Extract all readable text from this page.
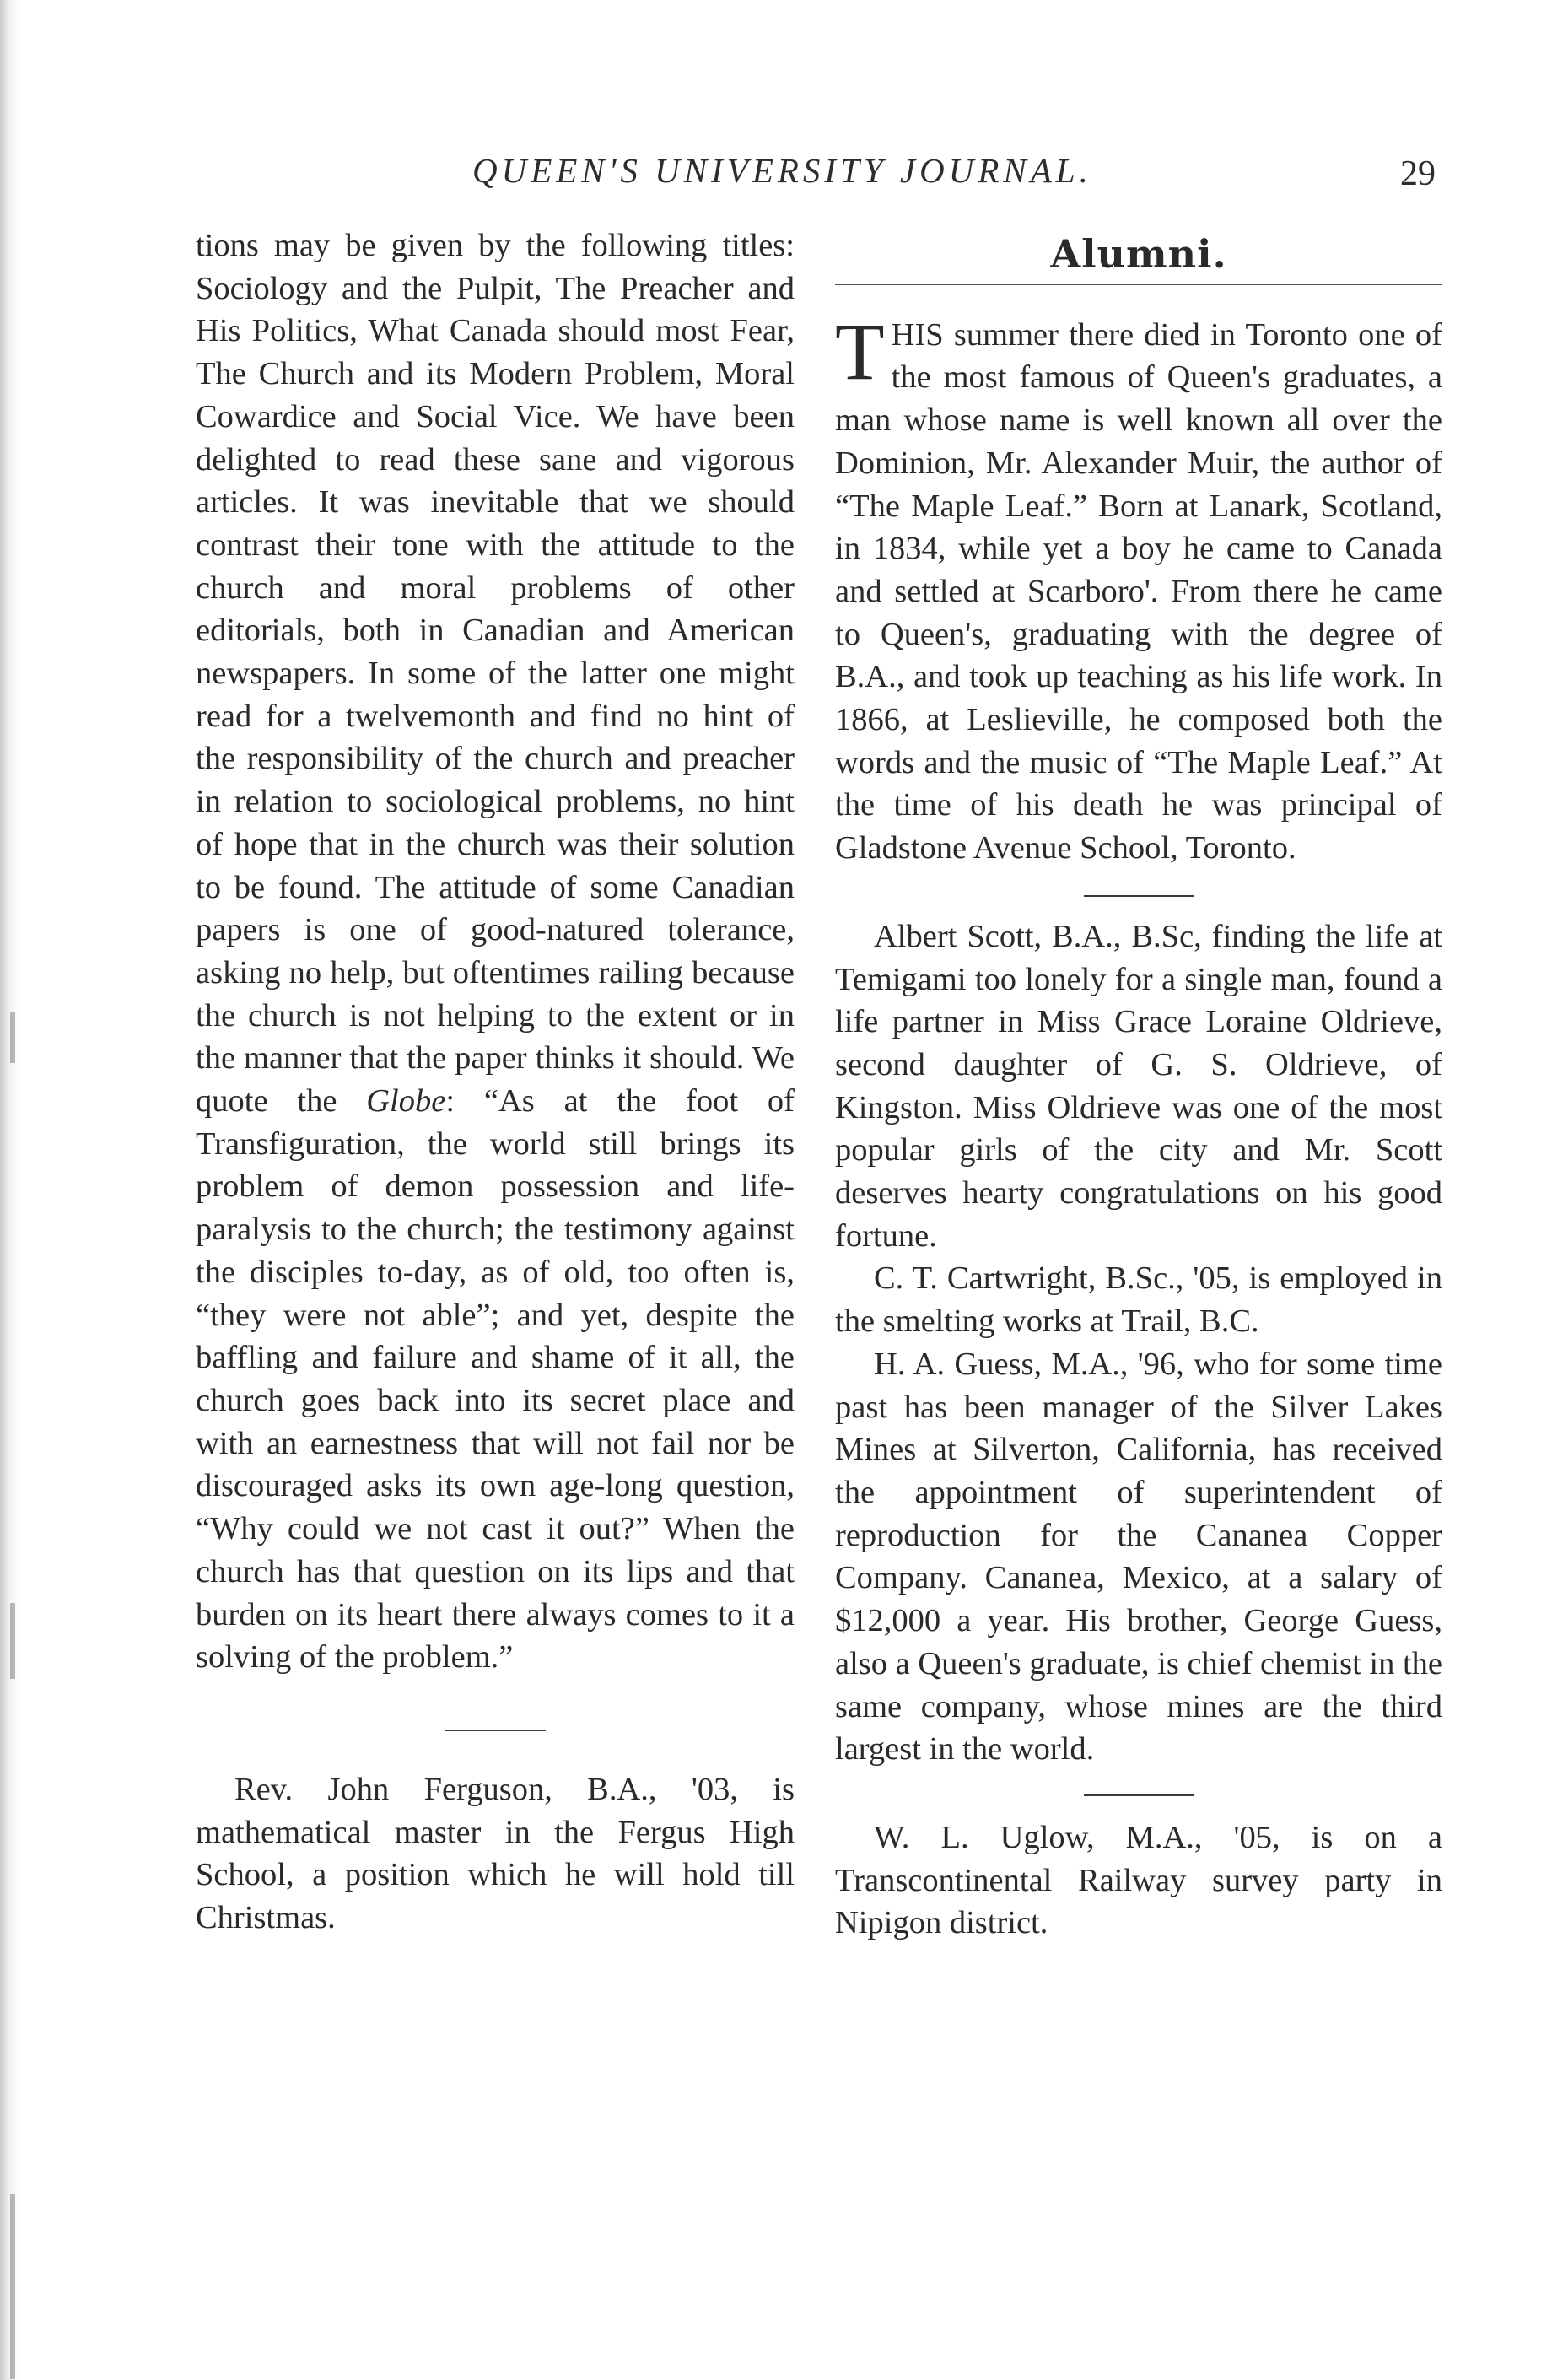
QUEEN'S UNIVERSITY JOURNAL.	29

tions may be given by the following titles: Sociology and the Pulpit, The Preacher and His Politics, What Canada should most Fear, The Church and its Modern Problem, Moral Cowardice and Social Vice. We have been delighted to read these sane and vigorous articles. It was inevitable that we should contrast their tone with the attitude to the church and moral problems of other editorials, both in Canadian and American newspapers. In some of the latter one might read for a twelvemonth and find no hint of the responsibility of the church and preacher in relation to sociological problems, no hint of hope that in the church was their solution to be found. The attitude of some Canadian papers is one of good-natured tolerance, asking no help, but oftentimes railing because the church is not helping to the extent or in the manner that the paper thinks it should. We quote the Globe: “As at the foot of Transfiguration, the world still brings its problem of demon possession and life-paralysis to the church; the testimony against the disciples to-day, as of old, too often is, “they were not able”; and yet, despite the baffling and failure and shame of it all, the church goes back into its secret place and with an earnestness that will not fail nor be discouraged asks its own age-long question, “Why could we not cast it out?” When the church has that question on its lips and that burden on its heart there always comes to it a solving of the problem.”

Rev. John Ferguson, B.A., '03, is mathematical master in the Fergus High School, a position which he will hold till Christmas.

Alumni.

THIS summer there died in Toronto one of the most famous of Queen's graduates, a man whose name is well known all over the Dominion, Mr. Alexander Muir, the author of “The Maple Leaf.” Born at Lanark, Scotland, in 1834, while yet a boy he came to Canada and settled at Scarboro'. From there he came to Queen's, graduating with the degree of B.A., and took up teaching as his life work. In 1866, at Leslieville, he composed both the words and the music of “The Maple Leaf.” At the time of his death he was principal of Gladstone Avenue School, Toronto.

Albert Scott, B.A., B.Sc, finding the life at Temigami too lonely for a single man, found a life partner in Miss Grace Loraine Oldrieve, second daughter of G. S. Oldrieve, of Kingston. Miss Oldrieve was one of the most popular girls of the city and Mr. Scott deserves hearty congratulations on his good fortune.

C. T. Cartwright, B.Sc., '05, is employed in the smelting works at Trail, B.C.

H. A. Guess, M.A., '96, who for some time past has been manager of the Silver Lakes Mines at Silverton, California, has received the appointment of superintendent of reproduction for the Cananea Copper Company. Cananea, Mexico, at a salary of $12,000 a year. His brother, George Guess, also a Queen's graduate, is chief chemist in the same company, whose mines are the third largest in the world.

W. L. Uglow, M.A., '05, is on a Transcontinental Railway survey party in Nipigon district.
